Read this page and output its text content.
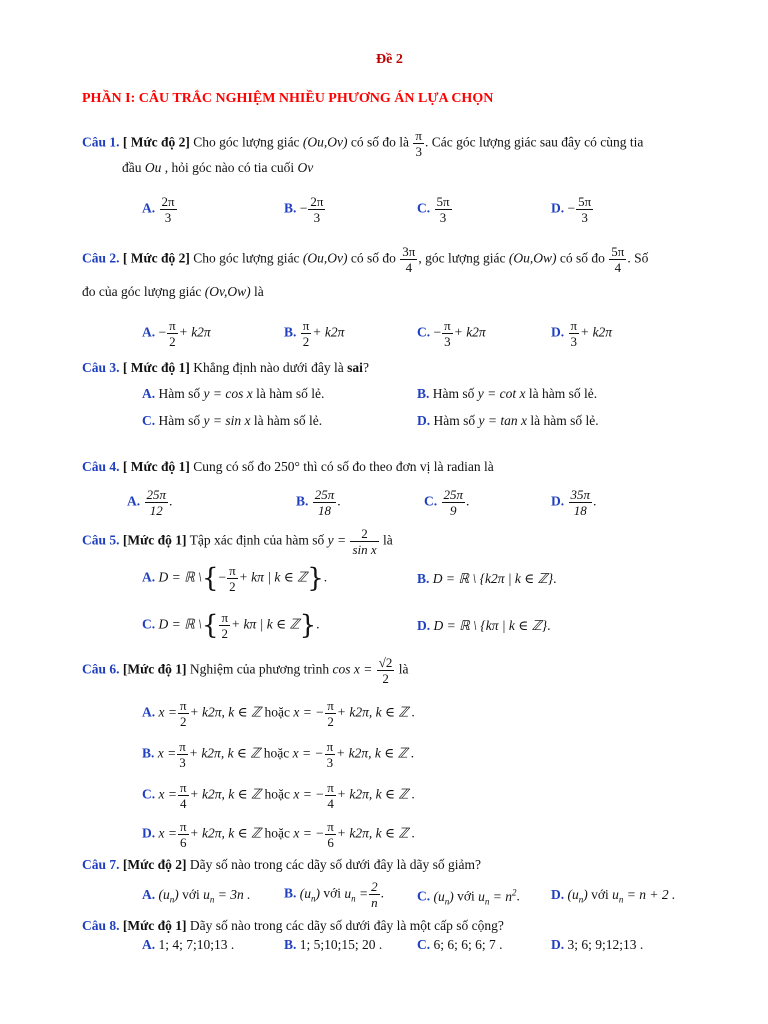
Đề 2
PHẦN I: CÂU TRẮC NGHIỆM NHIỀU PHƯƠNG ÁN LỰA CHỌN
Câu 1. [ Mức độ 2] Cho góc lượng giác (Ou,Ov) có số đo là $\frac{\pi}{3}$ . Các góc lượng giác sau đây có cùng tia
đầu Ou , hỏi góc nào có tia cuối Ov
A. $\frac{2\pi}{3}$	B. − $\frac{2\pi}{3}$	C. $\frac{5\pi}{3}$	D. − $\frac{5\pi}{3}$
Câu 2. [ Mức độ 2] Cho góc lượng giác (Ou,Ov) có số đo $\frac{3\pi}{4}$ , góc lượng giác (Ou,Ow) có số đo $\frac{5\pi}{4}$ . Số
đo của góc lượng giác (Ov,Ow) là
A. − $\frac{\pi}{2} + k2\pi$	B. $\frac{\pi}{2} + k2\pi$	C. − $\frac{\pi}{3} + k2\pi$	D. $\frac{\pi}{3} + k2\pi$
Câu 3. [ Mức độ 1] Khẳng định nào dưới đây là sai?
A. Hàm số y = cos x là hàm số lẻ.	B. Hàm số y = cot x là hàm số lẻ.
C. Hàm số y = sin x là hàm số lẻ.	D. Hàm số y = tan x là hàm số lẻ.
Câu 4. [ Mức độ 1] Cung có số đo 250° thì có số đo theo đơn vị là radian là
A. $\frac{25\pi}{12}$ .	B. $\frac{25\pi}{18}$ .	C. $\frac{25\pi}{9}$ .	D. $\frac{35\pi}{18}$ .
Câu 5. [Mức độ 1] Tập xác định của hàm số $y = \frac{2}{\text{sin x}}$ là
A. D = ℝ \{− $\frac{\pi}{2} + k\pi$ | k ∈ ℤ}.	B. D = ℝ \ {k2π | k ∈ ℤ}.
C. D = ℝ \{ $\frac{\pi}{2} + k\pi$ | k ∈ ℤ}.	D. D = ℝ \ {kπ | k ∈ ℤ}.
Câu 6. [Mức độ 1] Nghiệm của phương trình $\cos x = \frac{√2}{2}$ là
A. $x = \frac{\pi}{2} + k2\pi$, k ∈ ℤ hoặc x = − $\frac{\pi}{2} + k2\pi$, k ∈ ℤ .
B. $x = \frac{\pi}{3} + k2\pi$, k ∈ ℤ hoặc x = − $\frac{\pi}{3} + k2\pi$, k ∈ ℤ .
C. $x = \frac{\pi}{4} + k2\pi$, k ∈ ℤ hoặc x = − $\frac{\pi}{4} + k2\pi$, k ∈ ℤ .
D. $x = \frac{\pi}{6} + k2\pi$, k ∈ ℤ hoặc x = − $\frac{\pi}{6} + k2\pi$, k ∈ ℤ .
Câu 7. [Mức độ 2] Dãy số nào trong các dãy số dưới đây là dãy số giảm?
A. $(u_n)$ với $u_n = 3n$ . B. $(u_n)$ với $u_n = \frac{2}{n}$ . C. $(u_n)$ với $u_n = n^2$. D. $(u_n)$ với $u_n = n + 2$ .
Câu 8. [Mức độ 1] Dãy số nào trong các dãy số dưới đây là một cấp số cộng?
A. 1; 4; 7;10;13 .	B. 1; 5;10;15; 20 .	C. 6; 6; 6; 6; 7 .	D. 3; 6; 9;12;13 .
